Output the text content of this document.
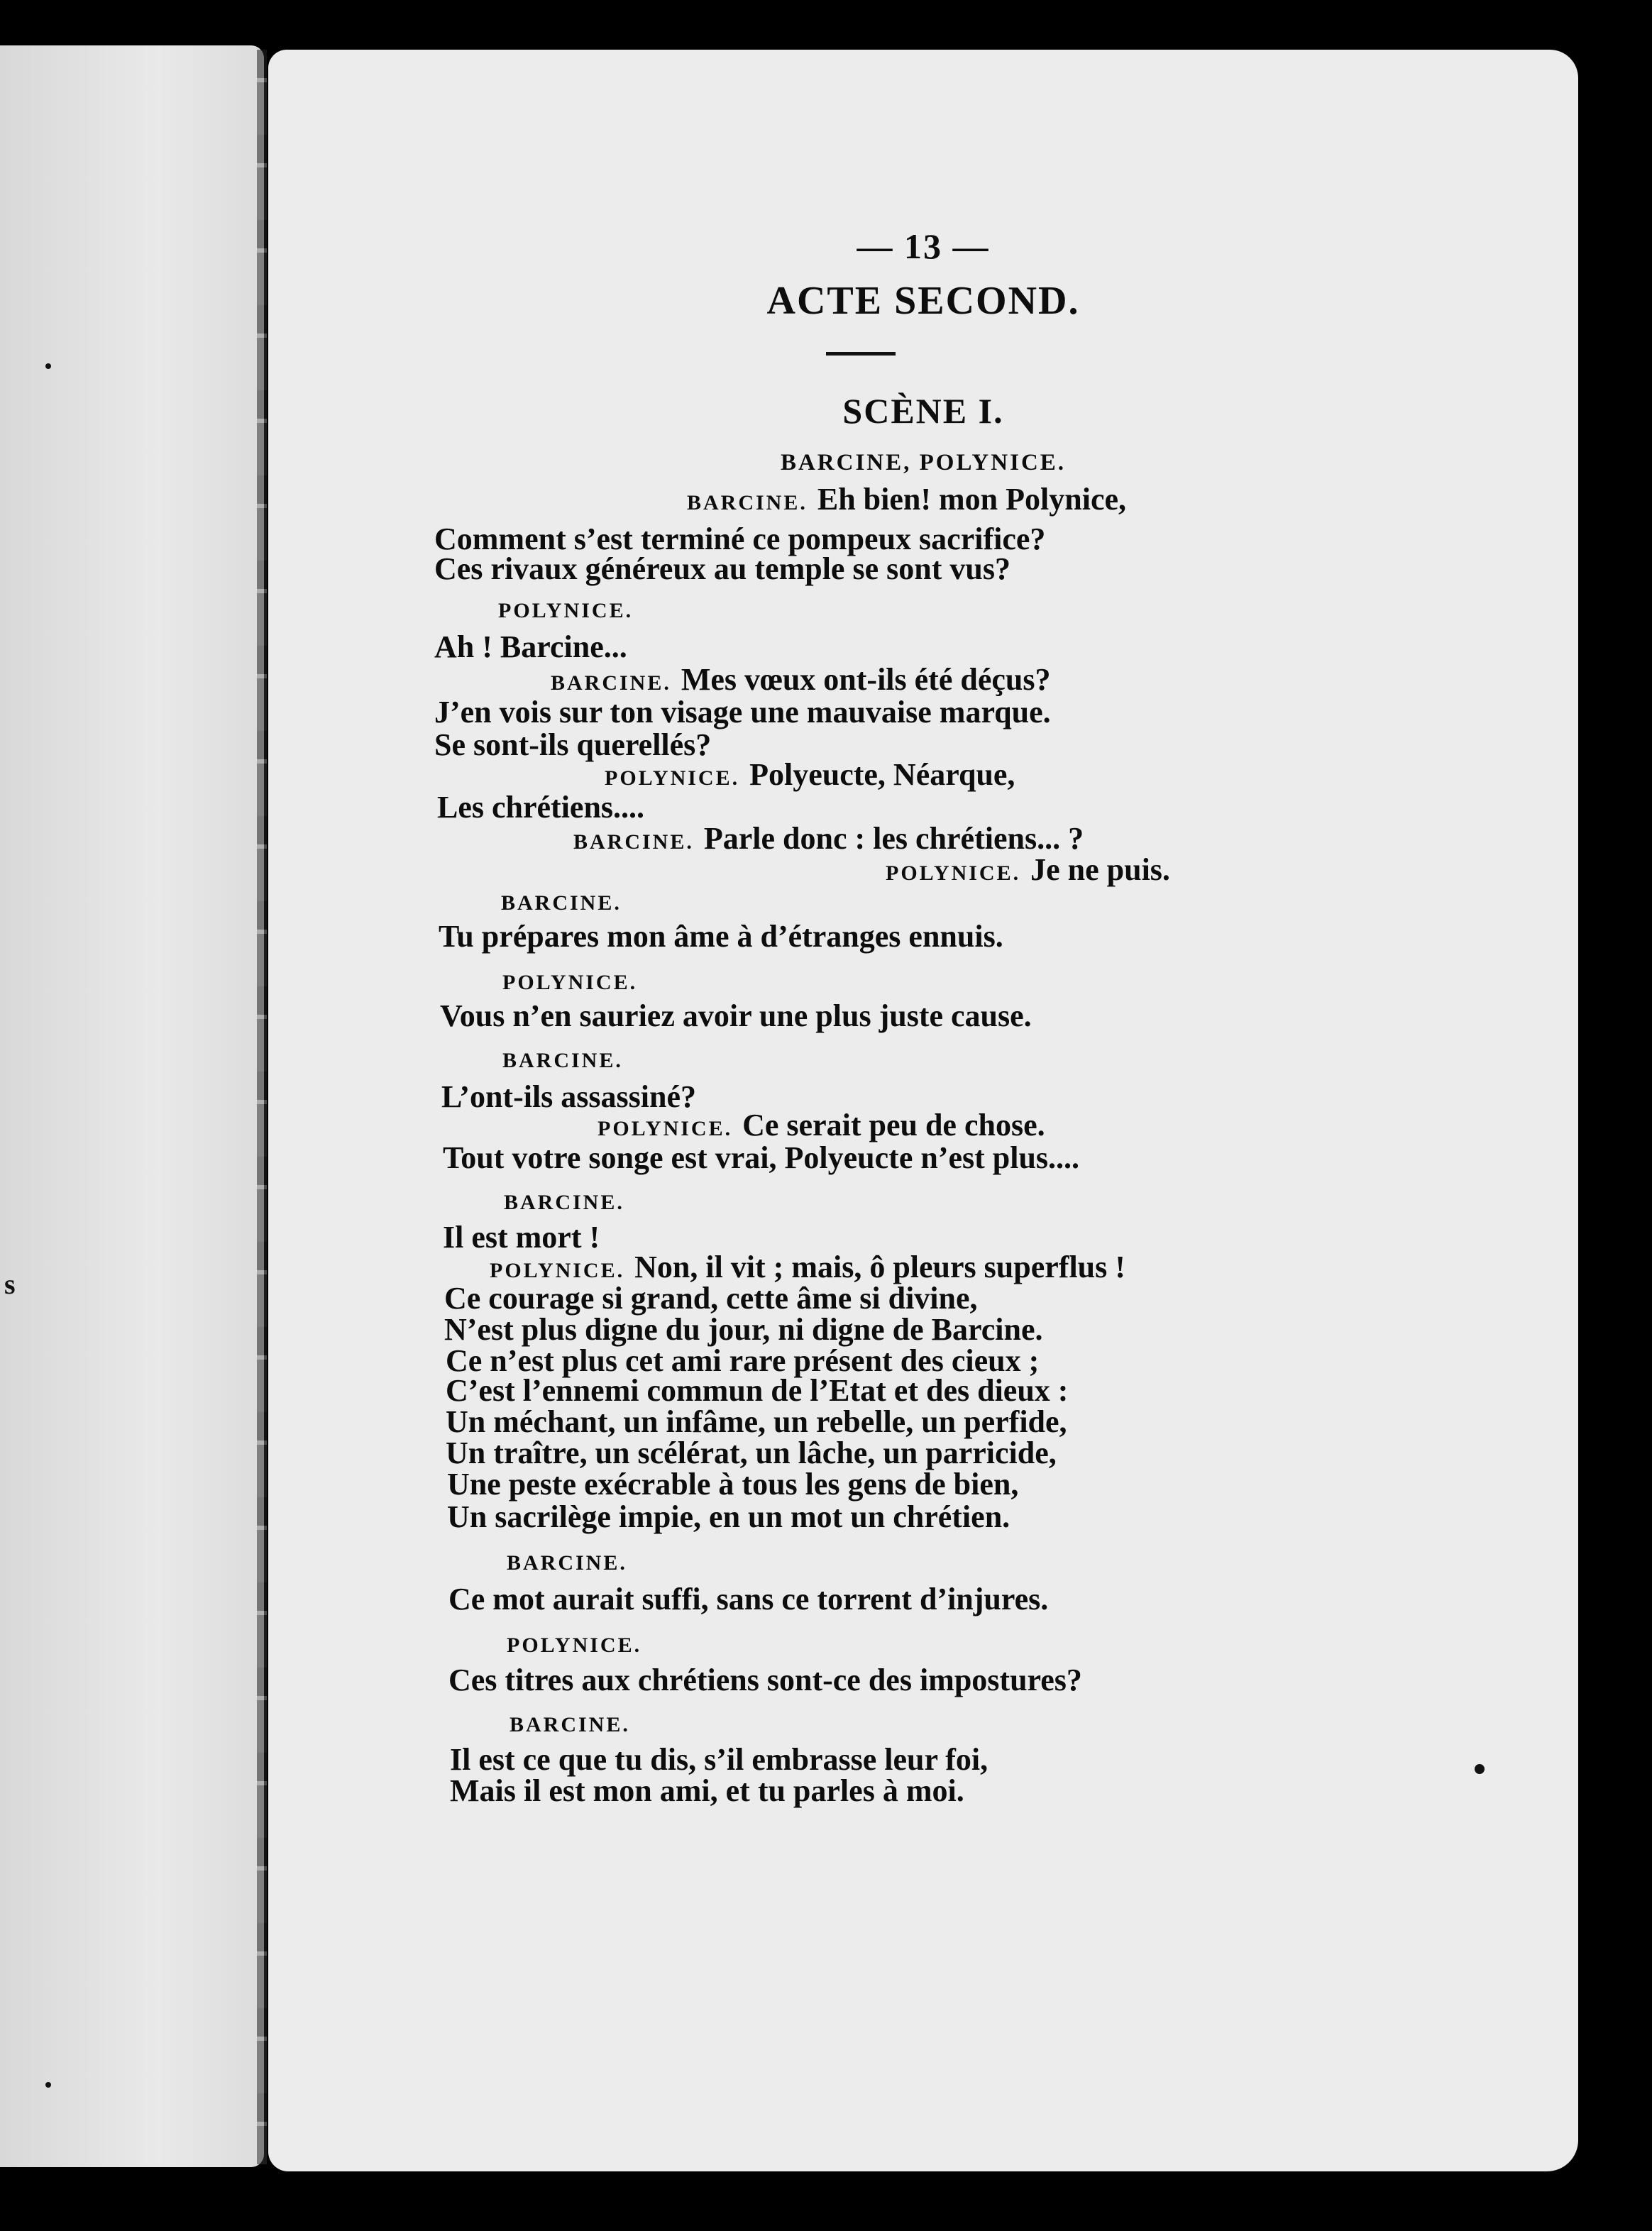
s
— 13 —
ACTE SECOND.
SCÈNE I.
BARCINE, POLYNICE.
BARCINE. Eh bien! mon Polynice,
Comment s’est terminé ce pompeux sacrifice?
Ces rivaux généreux au temple se sont vus?
POLYNICE.
Ah ! Barcine...
BARCINE. Mes vœux ont-ils été déçus?
J’en vois sur ton visage une mauvaise marque.
Se sont-ils querellés?
POLYNICE. Polyeucte, Néarque,
Les chrétiens....
BARCINE. Parle donc : les chrétiens... ?
POLYNICE. Je ne puis.
BARCINE.
Tu prépares mon âme à d’étranges ennuis.
POLYNICE.
Vous n’en sauriez avoir une plus juste cause.
BARCINE.
L’ont-ils assassiné?
POLYNICE. Ce serait peu de chose.
Tout votre songe est vrai, Polyeucte n’est plus....
BARCINE.
Il est mort !
POLYNICE. Non, il vit ; mais, ô pleurs superflus !
Ce courage si grand, cette âme si divine,
N’est plus digne du jour, ni digne de Barcine.
Ce n’est plus cet ami rare présent des cieux ;
C’est l’ennemi commun de l’Etat et des dieux :
Un méchant, un infâme, un rebelle, un perfide,
Un traître, un scélérat, un lâche, un parricide,
Une peste exécrable à tous les gens de bien,
Un sacrilège impie, en un mot un chrétien.
BARCINE.
Ce mot aurait suffi, sans ce torrent d’injures.
POLYNICE.
Ces titres aux chrétiens sont-ce des impostures?
BARCINE.
Il est ce que tu dis, s’il embrasse leur foi,
Mais il est mon ami, et tu parles à moi.
